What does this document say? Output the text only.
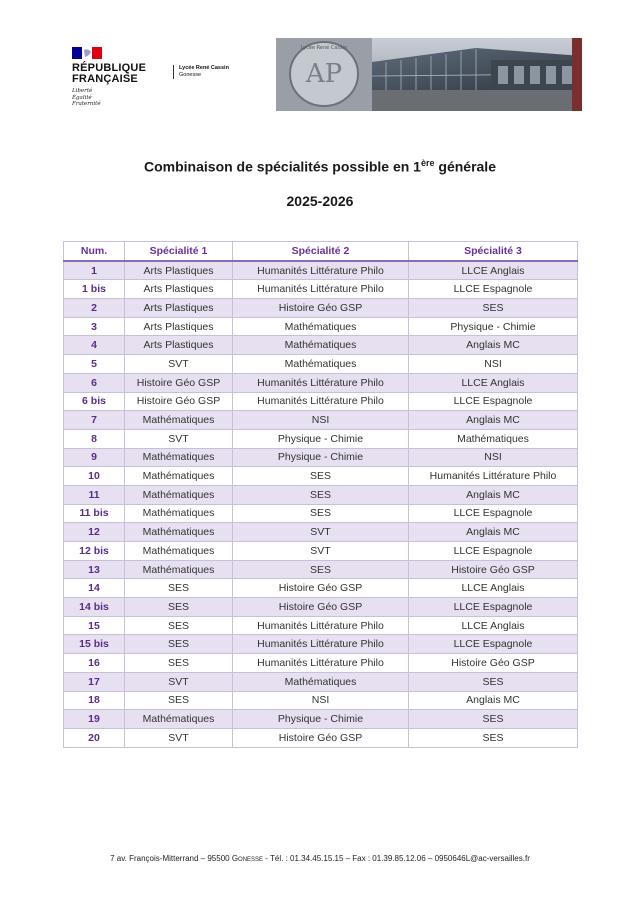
RÉPUBLIQUE
FRANÇAISE
Liberté
Égalité
Fraternité
Lycée René Cassin
Gonesse	AP
Lycée René Cassin
Combinaison de spécialités possible en 1ère générale
2025-2026
Num.	Spécialité 1	Spécialité 2	Spécialité 3
1	Arts Plastiques	Humanités Littérature Philo	LLCE Anglais
1 bis	Arts Plastiques	Humanités Littérature Philo	LLCE Espagnole
2	Arts Plastiques	Histoire Géo GSP	SES
3	Arts Plastiques	Mathématiques	Physique - Chimie
4	Arts Plastiques	Mathématiques	Anglais MC
5	SVT	Mathématiques	NSI
6	Histoire Géo GSP	Humanités Littérature Philo	LLCE Anglais
6 bis	Histoire Géo GSP	Humanités Littérature Philo	LLCE Espagnole
7	Mathématiques	NSI	Anglais MC
8	SVT	Physique - Chimie	Mathématiques
9	Mathématiques	Physique - Chimie	NSI
10	Mathématiques	SES	Humanités Littérature Philo
11	Mathématiques	SES	Anglais MC
11 bis	Mathématiques	SES	LLCE Espagnole
12	Mathématiques	SVT	Anglais MC
12 bis	Mathématiques	SVT	LLCE Espagnole
13	Mathématiques	SES	Histoire Géo GSP
14	SES	Histoire Géo GSP	LLCE Anglais
14 bis	SES	Histoire Géo GSP	LLCE Espagnole
15	SES	Humanités Littérature Philo	LLCE Anglais
15 bis	SES	Humanités Littérature Philo	LLCE Espagnole
16	SES	Humanités Littérature Philo	Histoire Géo GSP
17	SVT	Mathématiques	SES
18	SES	NSI	Anglais MC
19	Mathématiques	Physique - Chimie	SES
20	SVT	Histoire Géo GSP	SES
7 av. François-Mitterrand – 95500 Gonesse - Tél. : 01.34.45.15.15 – Fax : 01.39.85.12.06 – 0950646L@ac-versailles.fr
